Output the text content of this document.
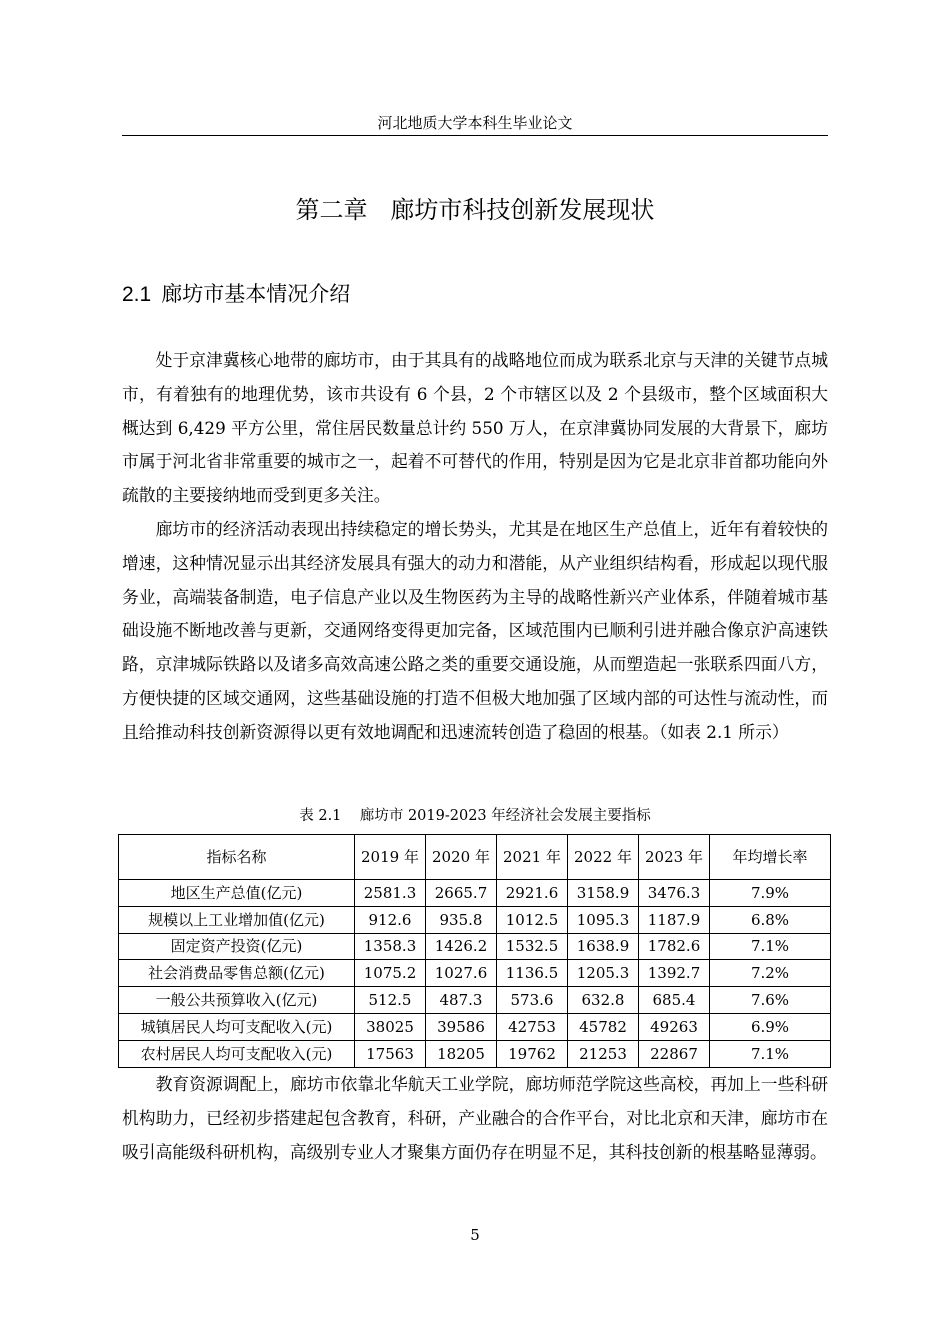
河北地质大学本科生毕业论文
第二章   廊坊市科技创新发展现状
2.1 廊坊市基本情况介绍

处于京津冀核心地带的廊坊市，由于其具有的战略地位而成为联系北京与天津的关键节点城市，有着独有的地理优势，该市共设有 6 个县，2 个市辖区以及 2 个县级市，整个区域面积大概达到 6,429 平方公里，常住居民数量总计约 550 万人，在京津冀协同发展的大背景下，廊坊市属于河北省非常重要的城市之一，起着不可替代的作用，特别是因为它是北京非首都功能向外疏散的主要接纳地而受到更多关注。

廊坊市的经济活动表现出持续稳定的增长势头，尤其是在地区生产总值上，近年有着较快的增速，这种情况显示出其经济发展具有强大的动力和潜能，从产业组织结构看，形成起以现代服务业，高端装备制造，电子信息产业以及生物医药为主导的战略性新兴产业体系，伴随着城市基础设施不断地改善与更新，交通网络变得更加完备，区域范围内已顺利引进并融合像京沪高速铁路，京津城际铁路以及诸多高效高速公路之类的重要交通设施，从而塑造起一张联系四面八方，方便快捷的区域交通网，这些基础设施的打造不但极大地加强了区域内部的可达性与流动性，而且给推动科技创新资源得以更有效地调配和迅速流转创造了稳固的根基。（如表 2.1 所示）

表 2.1    廊坊市 2019-2023 年经济社会发展主要指标
指标名称	2019 年	2020 年	2021 年	2022 年	2023 年	年均增长率
地区生产总值(亿元)	2581.3	2665.7	2921.6	3158.9	3476.3	7.9%
规模以上工业增加值(亿元)	912.6	935.8	1012.5	1095.3	1187.9	6.8%
固定资产投资(亿元)	1358.3	1426.2	1532.5	1638.9	1782.6	7.1%
社会消费品零售总额(亿元)	1075.2	1027.6	1136.5	1205.3	1392.7	7.2%
一般公共预算收入(亿元)	512.5	487.3	573.6	632.8	685.4	7.6%
城镇居民人均可支配收入(元)	38025	39586	42753	45782	49263	6.9%
农村居民人均可支配收入(元)	17563	18205	19762	21253	22867	7.1%

教育资源调配上，廊坊市依靠北华航天工业学院，廊坊师范学院这些高校，再加上一些科研机构助力，已经初步搭建起包含教育，科研，产业融合的合作平台，对比北京和天津，廊坊市在吸引高能级科研机构，高级别专业人才聚集方面仍存在明显不足，其科技创新的根基略显薄弱。

5
